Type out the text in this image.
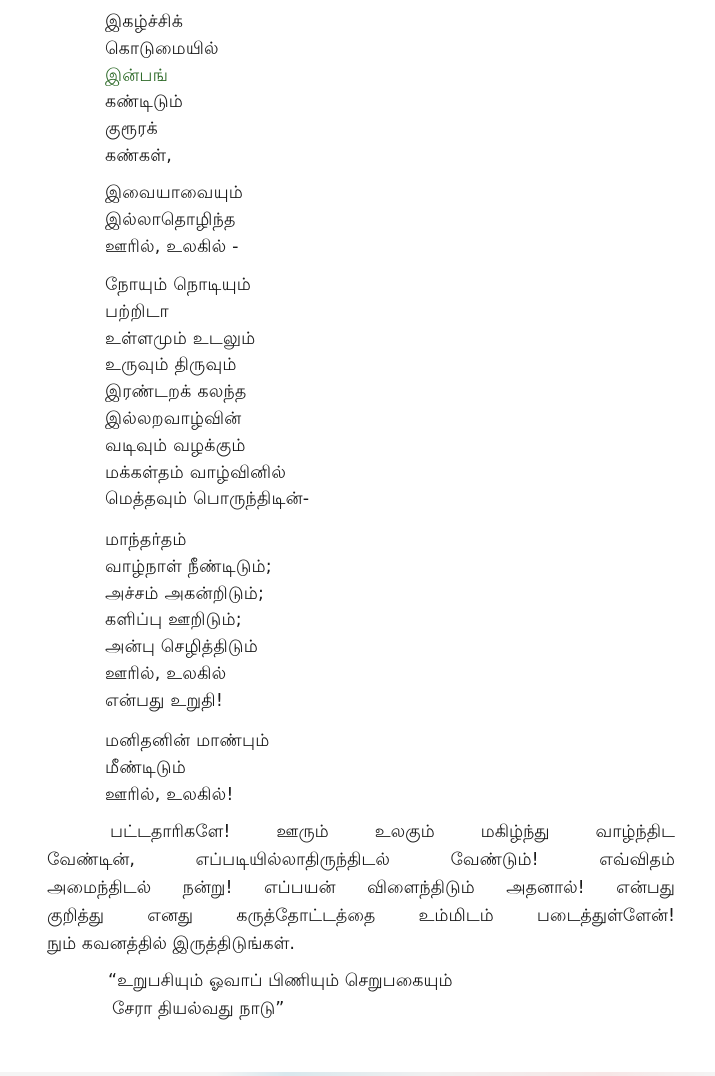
இகழ்ச்சிக்
கொடுமையில்
இன்பங்
கண்டிடும்
குரூரக்
கண்கள்,
இவையாவையும்
இல்லாதொழிந்த
ஊரில், உலகில் -
நோயும் நொடியும்
பற்றிடா
உள்ளமும் உடலும்
உருவும் திருவும்
இரண்டறக் கலந்த
இல்லறவாழ்வின்
வடிவும் வழக்கும்
மக்கள்தம் வாழ்வினில்
மெத்தவும் பொருந்திடின்-
மாந்தர்தம்
வாழ்நாள் நீண்டிடும்;
அச்சம் அகன்றிடும்;
களிப்பு ஊறிடும்;
அன்பு செழித்திடும்
ஊரில், உலகில்
என்பது உறுதி!
மனிதனின் மாண்பும்
மீண்டிடும்
ஊரில், உலகில்!
பட்டதாரிகளே! ஊரும் உலகும் மகிழ்ந்து வாழ்ந்திட
வேண்டின், எப்படியில்லாதிருந்திடல் வேண்டும்! எவ்விதம்
அமைந்திடல் நன்று! எப்பயன் விளைந்திடும் அதனால்! என்பது
குறித்து எனது கருத்தோட்டத்தை உம்மிடம் படைத்துள்ளேன்!
நும் கவனத்தில் இருத்திடுங்கள்.
“உறுபசியும் ஓவாப் பிணியும் செறுபகையும்
சேரா தியல்வது நாடு”
